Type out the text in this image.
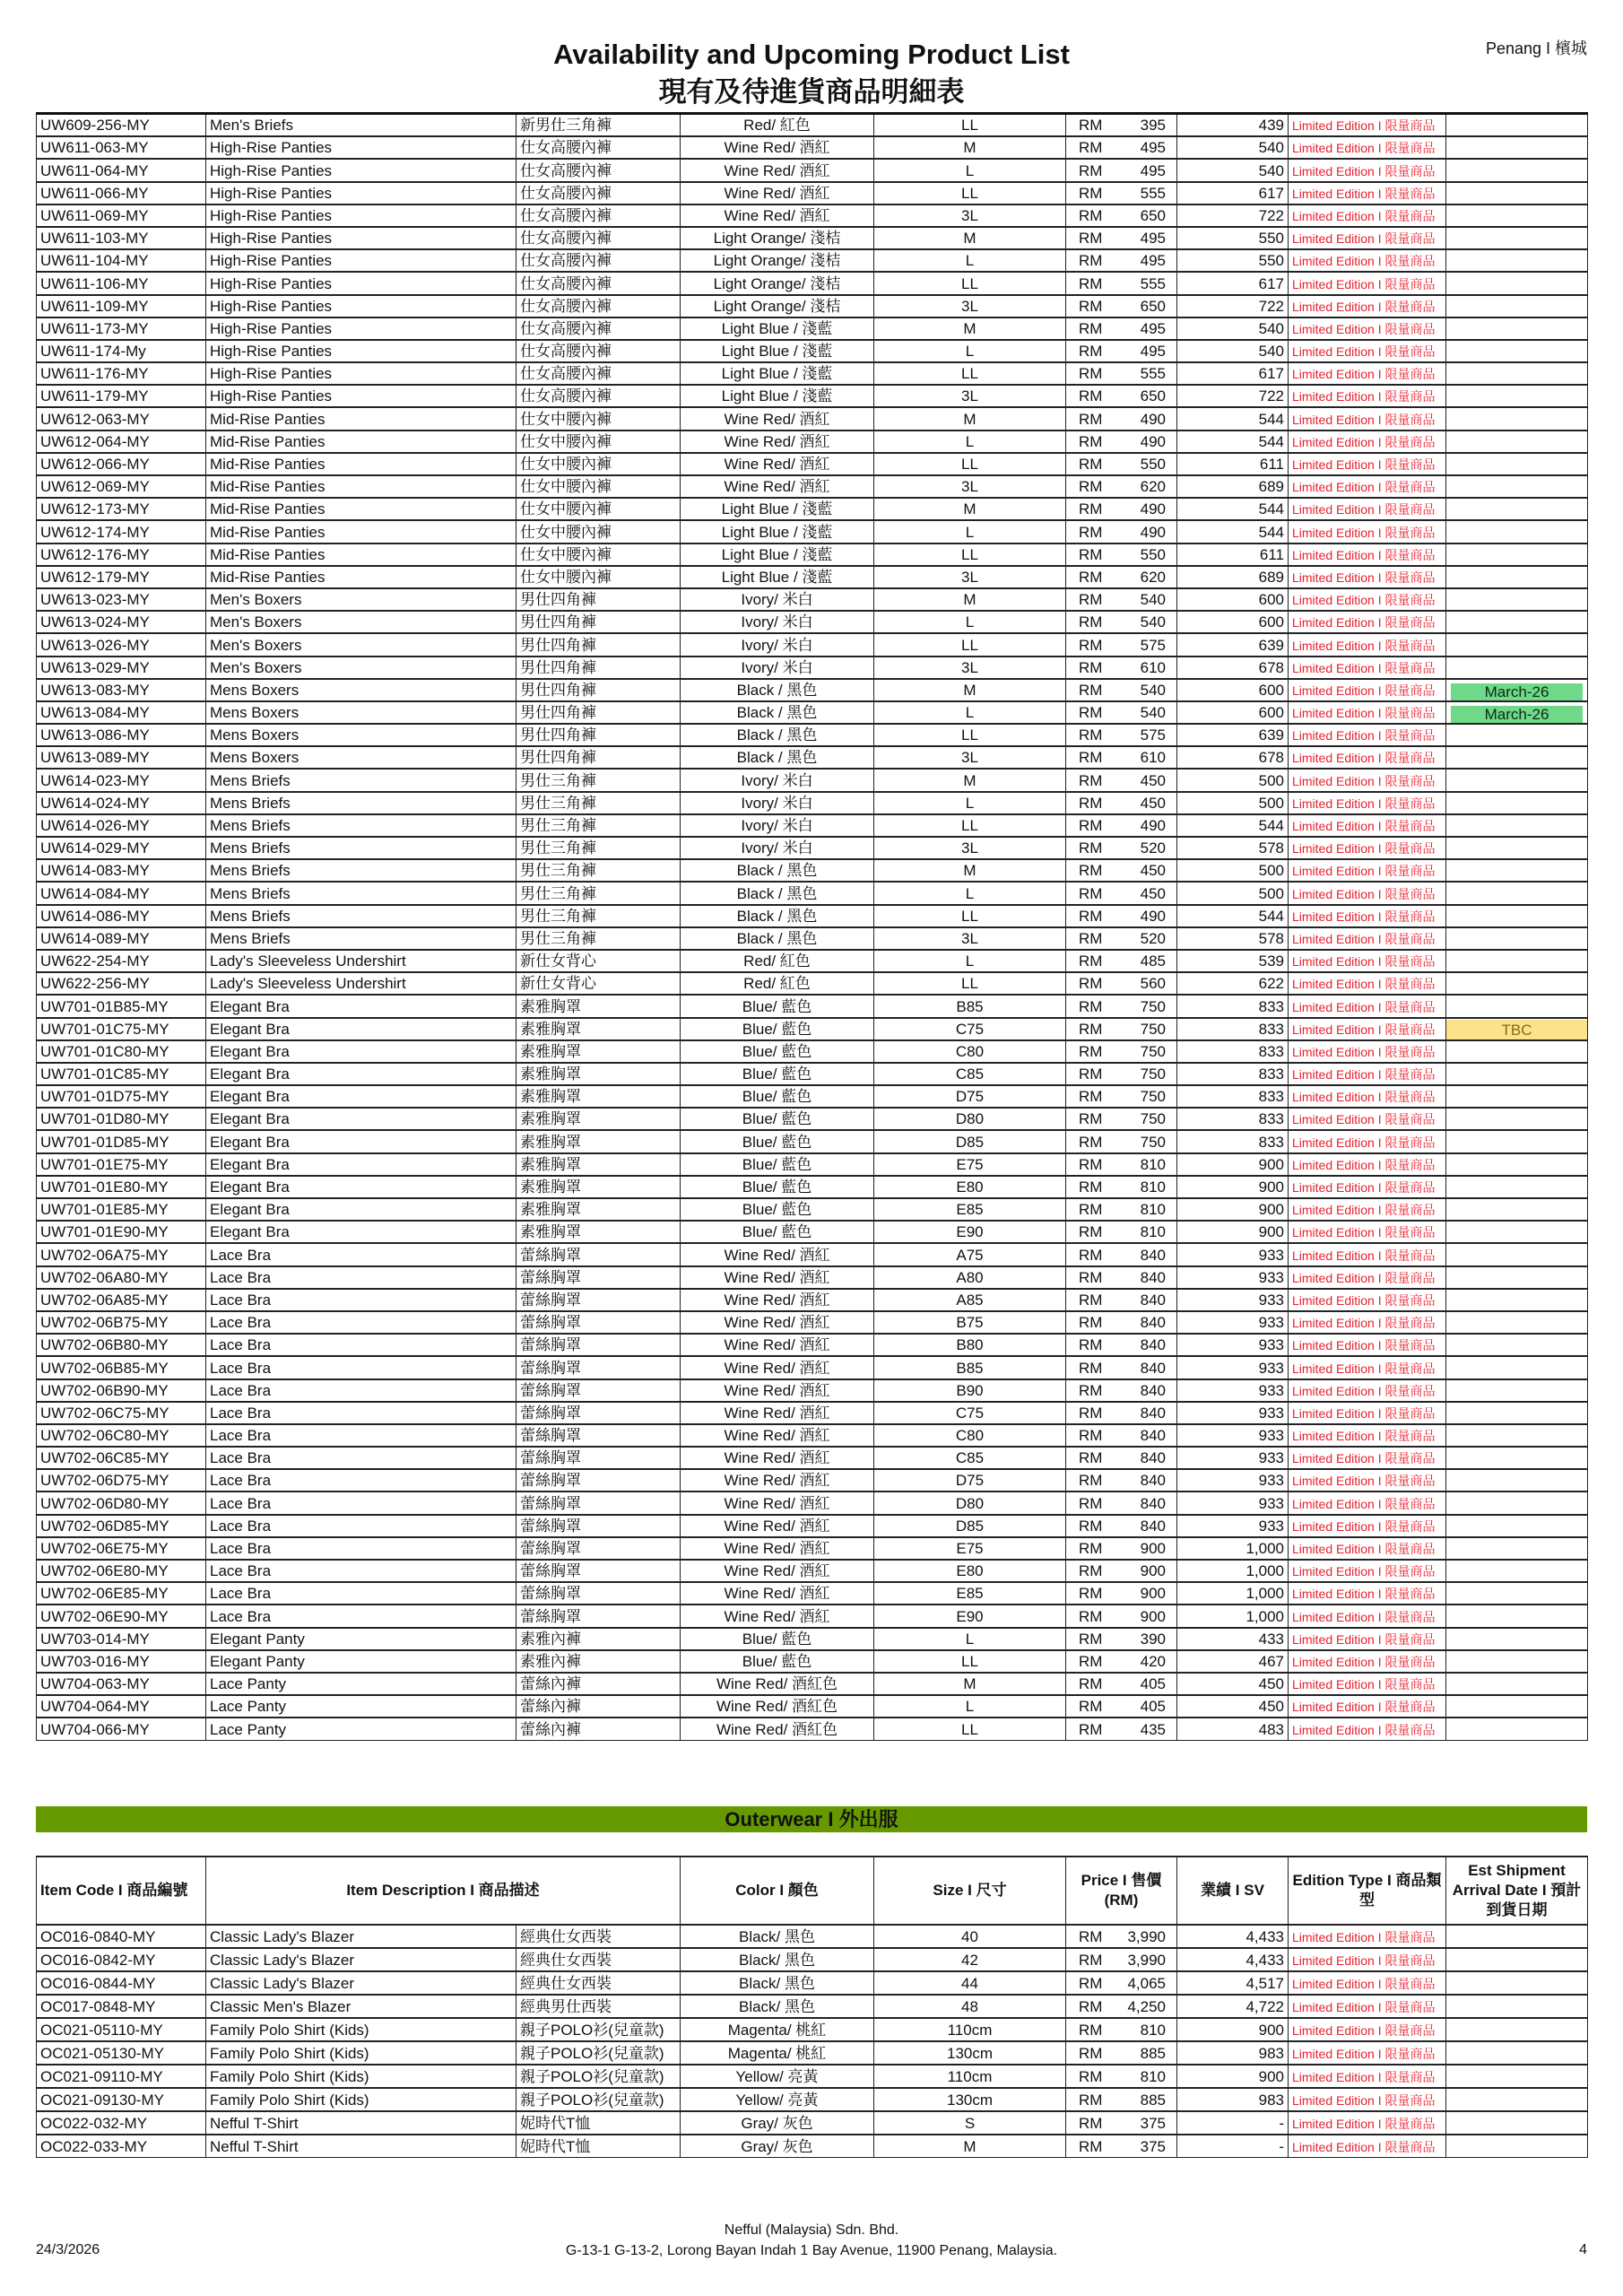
Penang I 檳城
Availability and Upcoming Product List
現有及待進貨商品明細表
UW609-256-MY	Men's Briefs	新男仕三角褲	Red/ 紅色	LL	RM 395	439	Limited Edition I 限量商品	
UW611-063-MY	High-Rise Panties	仕女高腰內褲	Wine Red/ 酒紅	M	RM 495	540	Limited Edition I 限量商品	
UW611-064-MY	High-Rise Panties	仕女高腰內褲	Wine Red/ 酒紅	L	RM 495	540	Limited Edition I 限量商品	
UW611-066-MY	High-Rise Panties	仕女高腰內褲	Wine Red/ 酒紅	LL	RM 555	617	Limited Edition I 限量商品	
UW611-069-MY	High-Rise Panties	仕女高腰內褲	Wine Red/ 酒紅	3L	RM 650	722	Limited Edition I 限量商品	
UW611-103-MY	High-Rise Panties	仕女高腰內褲	Light Orange/ 淺桔	M	RM 495	550	Limited Edition I 限量商品	
UW611-104-MY	High-Rise Panties	仕女高腰內褲	Light Orange/ 淺桔	L	RM 495	550	Limited Edition I 限量商品	
UW611-106-MY	High-Rise Panties	仕女高腰內褲	Light Orange/ 淺桔	LL	RM 555	617	Limited Edition I 限量商品	
UW611-109-MY	High-Rise Panties	仕女高腰內褲	Light Orange/ 淺桔	3L	RM 650	722	Limited Edition I 限量商品	
UW611-173-MY	High-Rise Panties	仕女高腰內褲	Light Blue / 淺藍	M	RM 495	540	Limited Edition I 限量商品	
UW611-174-My	High-Rise Panties	仕女高腰內褲	Light Blue / 淺藍	L	RM 495	540	Limited Edition I 限量商品	
UW611-176-MY	High-Rise Panties	仕女高腰內褲	Light Blue / 淺藍	LL	RM 555	617	Limited Edition I 限量商品	
UW611-179-MY	High-Rise Panties	仕女高腰內褲	Light Blue / 淺藍	3L	RM 650	722	Limited Edition I 限量商品	
UW612-063-MY	Mid-Rise Panties	仕女中腰內褲	Wine Red/ 酒紅	M	RM 490	544	Limited Edition I 限量商品	
UW612-064-MY	Mid-Rise Panties	仕女中腰內褲	Wine Red/ 酒紅	L	RM 490	544	Limited Edition I 限量商品	
UW612-066-MY	Mid-Rise Panties	仕女中腰內褲	Wine Red/ 酒紅	LL	RM 550	611	Limited Edition I 限量商品	
UW612-069-MY	Mid-Rise Panties	仕女中腰內褲	Wine Red/ 酒紅	3L	RM 620	689	Limited Edition I 限量商品	
UW612-173-MY	Mid-Rise Panties	仕女中腰內褲	Light Blue / 淺藍	M	RM 490	544	Limited Edition I 限量商品	
UW612-174-MY	Mid-Rise Panties	仕女中腰內褲	Light Blue / 淺藍	L	RM 490	544	Limited Edition I 限量商品	
UW612-176-MY	Mid-Rise Panties	仕女中腰內褲	Light Blue / 淺藍	LL	RM 550	611	Limited Edition I 限量商品	
UW612-179-MY	Mid-Rise Panties	仕女中腰內褲	Light Blue / 淺藍	3L	RM 620	689	Limited Edition I 限量商品	
UW613-023-MY	Men's Boxers	男仕四角褲	Ivory/ 米白	M	RM 540	600	Limited Edition I 限量商品	
UW613-024-MY	Men's Boxers	男仕四角褲	Ivory/ 米白	L	RM 540	600	Limited Edition I 限量商品	
UW613-026-MY	Men's Boxers	男仕四角褲	Ivory/ 米白	LL	RM 575	639	Limited Edition I 限量商品	
UW613-029-MY	Men's Boxers	男仕四角褲	Ivory/ 米白	3L	RM 610	678	Limited Edition I 限量商品	
UW613-083-MY	Mens Boxers	男仕四角褲	Black / 黑色	M	RM 540	600	Limited Edition I 限量商品	March-26

UW613-084-MY	Mens Boxers	男仕四角褲	Black / 黑色	L	RM 540	600	Limited Edition I 限量商品	March-26

UW613-086-MY	Mens Boxers	男仕四角褲	Black / 黑色	LL	RM 575	639	Limited Edition I 限量商品	
UW613-089-MY	Mens Boxers	男仕四角褲	Black / 黑色	3L	RM 610	678	Limited Edition I 限量商品	
UW614-023-MY	Mens Briefs	男仕三角褲	Ivory/ 米白	M	RM 450	500	Limited Edition I 限量商品	
UW614-024-MY	Mens Briefs	男仕三角褲	Ivory/ 米白	L	RM 450	500	Limited Edition I 限量商品	
UW614-026-MY	Mens Briefs	男仕三角褲	Ivory/ 米白	LL	RM 490	544	Limited Edition I 限量商品	
UW614-029-MY	Mens Briefs	男仕三角褲	Ivory/ 米白	3L	RM 520	578	Limited Edition I 限量商品	
UW614-083-MY	Mens Briefs	男仕三角褲	Black / 黑色	M	RM 450	500	Limited Edition I 限量商品	
UW614-084-MY	Mens Briefs	男仕三角褲	Black / 黑色	L	RM 450	500	Limited Edition I 限量商品	
UW614-086-MY	Mens Briefs	男仕三角褲	Black / 黑色	LL	RM 490	544	Limited Edition I 限量商品	
UW614-089-MY	Mens Briefs	男仕三角褲	Black / 黑色	3L	RM 520	578	Limited Edition I 限量商品	
UW622-254-MY	Lady's Sleeveless Undershirt	新仕女背心	Red/ 紅色	L	RM 485	539	Limited Edition I 限量商品	
UW622-256-MY	Lady's Sleeveless Undershirt	新仕女背心	Red/ 紅色	LL	RM 560	622	Limited Edition I 限量商品	
UW701-01B85-MY	Elegant Bra	素雅胸罩	Blue/ 藍色	B85	RM 750	833	Limited Edition I 限量商品	
UW701-01C75-MY	Elegant Bra	素雅胸罩	Blue/ 藍色	C75	RM 750	833	Limited Edition I 限量商品	TBC

UW701-01C80-MY	Elegant Bra	素雅胸罩	Blue/ 藍色	C80	RM 750	833	Limited Edition I 限量商品	
UW701-01C85-MY	Elegant Bra	素雅胸罩	Blue/ 藍色	C85	RM 750	833	Limited Edition I 限量商品	
UW701-01D75-MY	Elegant Bra	素雅胸罩	Blue/ 藍色	D75	RM 750	833	Limited Edition I 限量商品	
UW701-01D80-MY	Elegant Bra	素雅胸罩	Blue/ 藍色	D80	RM 750	833	Limited Edition I 限量商品	
UW701-01D85-MY	Elegant Bra	素雅胸罩	Blue/ 藍色	D85	RM 750	833	Limited Edition I 限量商品	
UW701-01E75-MY	Elegant Bra	素雅胸罩	Blue/ 藍色	E75	RM 810	900	Limited Edition I 限量商品	
UW701-01E80-MY	Elegant Bra	素雅胸罩	Blue/ 藍色	E80	RM 810	900	Limited Edition I 限量商品	
UW701-01E85-MY	Elegant Bra	素雅胸罩	Blue/ 藍色	E85	RM 810	900	Limited Edition I 限量商品	
UW701-01E90-MY	Elegant Bra	素雅胸罩	Blue/ 藍色	E90	RM 810	900	Limited Edition I 限量商品	
UW702-06A75-MY	Lace Bra	蕾絲胸罩	Wine Red/ 酒紅	A75	RM 840	933	Limited Edition I 限量商品	
UW702-06A80-MY	Lace Bra	蕾絲胸罩	Wine Red/ 酒紅	A80	RM 840	933	Limited Edition I 限量商品	
UW702-06A85-MY	Lace Bra	蕾絲胸罩	Wine Red/ 酒紅	A85	RM 840	933	Limited Edition I 限量商品	
UW702-06B75-MY	Lace Bra	蕾絲胸罩	Wine Red/ 酒紅	B75	RM 840	933	Limited Edition I 限量商品	
UW702-06B80-MY	Lace Bra	蕾絲胸罩	Wine Red/ 酒紅	B80	RM 840	933	Limited Edition I 限量商品	
UW702-06B85-MY	Lace Bra	蕾絲胸罩	Wine Red/ 酒紅	B85	RM 840	933	Limited Edition I 限量商品	
UW702-06B90-MY	Lace Bra	蕾絲胸罩	Wine Red/ 酒紅	B90	RM 840	933	Limited Edition I 限量商品	
UW702-06C75-MY	Lace Bra	蕾絲胸罩	Wine Red/ 酒紅	C75	RM 840	933	Limited Edition I 限量商品	
UW702-06C80-MY	Lace Bra	蕾絲胸罩	Wine Red/ 酒紅	C80	RM 840	933	Limited Edition I 限量商品	
UW702-06C85-MY	Lace Bra	蕾絲胸罩	Wine Red/ 酒紅	C85	RM 840	933	Limited Edition I 限量商品	
UW702-06D75-MY	Lace Bra	蕾絲胸罩	Wine Red/ 酒紅	D75	RM 840	933	Limited Edition I 限量商品	
UW702-06D80-MY	Lace Bra	蕾絲胸罩	Wine Red/ 酒紅	D80	RM 840	933	Limited Edition I 限量商品	
UW702-06D85-MY	Lace Bra	蕾絲胸罩	Wine Red/ 酒紅	D85	RM 840	933	Limited Edition I 限量商品	
UW702-06E75-MY	Lace Bra	蕾絲胸罩	Wine Red/ 酒紅	E75	RM 900	1,000	Limited Edition I 限量商品	
UW702-06E80-MY	Lace Bra	蕾絲胸罩	Wine Red/ 酒紅	E80	RM 900	1,000	Limited Edition I 限量商品	
UW702-06E85-MY	Lace Bra	蕾絲胸罩	Wine Red/ 酒紅	E85	RM 900	1,000	Limited Edition I 限量商品	
UW702-06E90-MY	Lace Bra	蕾絲胸罩	Wine Red/ 酒紅	E90	RM 900	1,000	Limited Edition I 限量商品	
UW703-014-MY	Elegant Panty	素雅內褲	Blue/ 藍色	L	RM 390	433	Limited Edition I 限量商品	
UW703-016-MY	Elegant Panty	素雅內褲	Blue/ 藍色	LL	RM 420	467	Limited Edition I 限量商品	
UW704-063-MY	Lace Panty	蕾絲內褲	Wine Red/ 酒紅色	M	RM 405	450	Limited Edition I 限量商品	
UW704-064-MY	Lace Panty	蕾絲內褲	Wine Red/ 酒紅色	L	RM 405	450	Limited Edition I 限量商品	
UW704-066-MY	Lace Panty	蕾絲內褲	Wine Red/ 酒紅色	LL	RM 435	483	Limited Edition I 限量商品	
Outerwear I 外出服
Item Code I 商品編號	Item Description I 商品描述		Color I 顏色	Size I 尺寸	Price I 售價 (RM)	業績 I SV	Edition Type I 商品類型	Est Shipment Arrival Date I 預計到貨日期
OC016-0840-MY	Classic Lady's Blazer	經典仕女西裝	Black/ 黑色	40	RM 3,990	4,433	Limited Edition I 限量商品	
OC016-0842-MY	Classic Lady's Blazer	經典仕女西裝	Black/ 黑色	42	RM 3,990	4,433	Limited Edition I 限量商品	
OC016-0844-MY	Classic Lady's Blazer	經典仕女西裝	Black/ 黑色	44	RM 4,065	4,517	Limited Edition I 限量商品	
OC017-0848-MY	Classic Men's Blazer	經典男仕西裝	Black/ 黑色	48	RM 4,250	4,722	Limited Edition I 限量商品	
OC021-05110-MY	Family Polo Shirt (Kids)	親子POLO衫(兒童款)	Magenta/ 桃紅	110cm	RM 810	900	Limited Edition I 限量商品	
OC021-05130-MY	Family Polo Shirt (Kids)	親子POLO衫(兒童款)	Magenta/ 桃紅	130cm	RM 885	983	Limited Edition I 限量商品	
OC021-09110-MY	Family Polo Shirt (Kids)	親子POLO衫(兒童款)	Yellow/ 亮黃	110cm	RM 810	900	Limited Edition I 限量商品	
OC021-09130-MY	Family Polo Shirt (Kids)	親子POLO衫(兒童款)	Yellow/ 亮黃	130cm	RM 885	983	Limited Edition I 限量商品	
OC022-032-MY	Nefful T-Shirt	妮時代T恤	Gray/ 灰色	S	RM 375	-	Limited Edition I 限量商品	
OC022-033-MY	Nefful T-Shirt	妮時代T恤	Gray/ 灰色	M	RM 375	-	Limited Edition I 限量商品	
24/3/2026
Nefful (Malaysia) Sdn. Bhd.
G-13-1 G-13-2, Lorong Bayan Indah 1 Bay Avenue, 11900 Penang, Malaysia.	4
